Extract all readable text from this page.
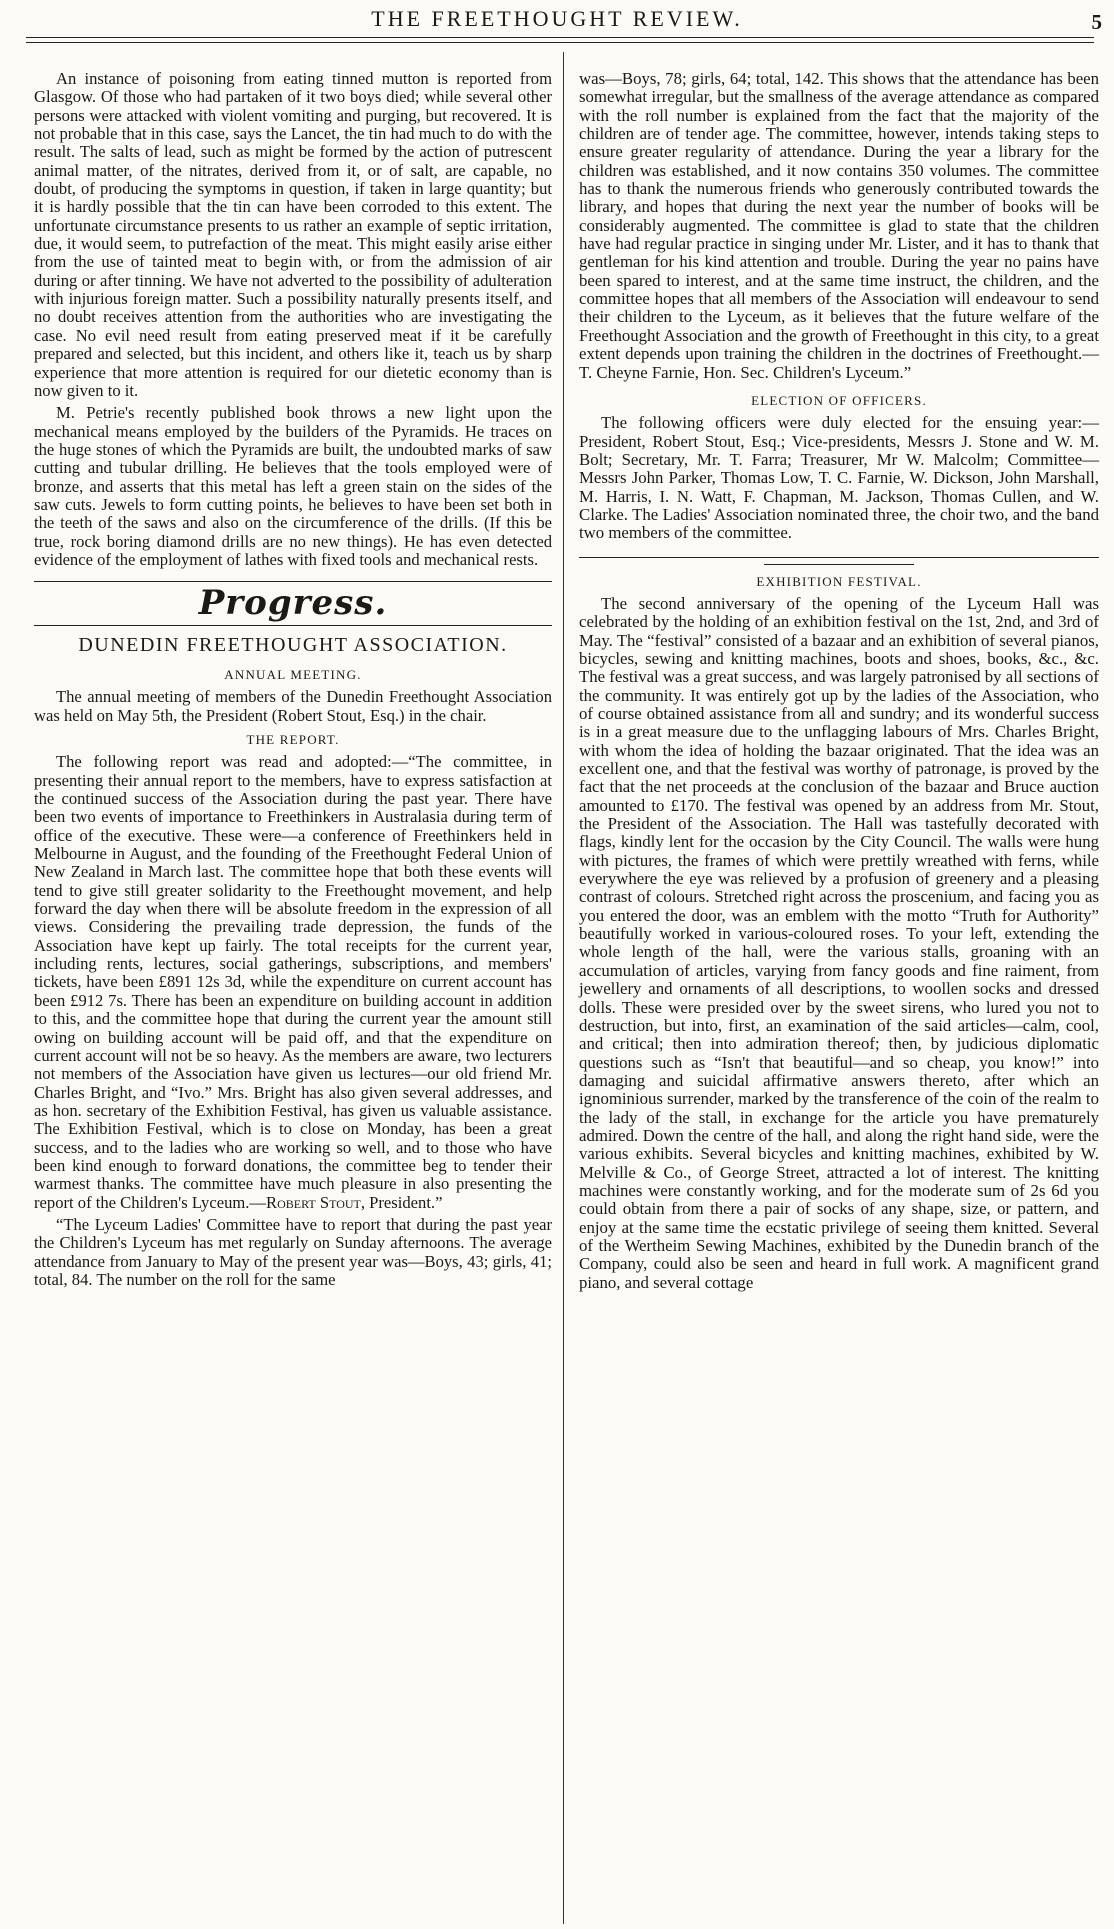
THE FREETHOUGHT REVIEW.	5

An instance of poisoning from eating tinned mutton is reported from Glasgow. Of those who had partaken of it two boys died; while several other persons were attacked with violent vomiting and purging, but recovered. It is not probable that in this case, says the Lancet, the tin had much to do with the result. The salts of lead, such as might be formed by the action of putrescent animal matter, of the nitrates, derived from it, or of salt, are capable, no doubt, of producing the symptoms in question, if taken in large quantity; but it is hardly possible that the tin can have been corroded to this extent. The unfortunate circumstance presents to us rather an example of septic irritation, due, it would seem, to putrefaction of the meat. This might easily arise either from the use of tainted meat to begin with, or from the admission of air during or after tinning. We have not adverted to the possibility of adulteration with injurious foreign matter. Such a possibility naturally presents itself, and no doubt receives attention from the authorities who are investigating the case. No evil need result from eating preserved meat if it be carefully prepared and selected, but this incident, and others like it, teach us by sharp experience that more attention is required for our dietetic economy than is now given to it.

M. Petrie's recently published book throws a new light upon the mechanical means employed by the builders of the Pyramids. He traces on the huge stones of which the Pyramids are built, the undoubted marks of saw cutting and tubular drilling. He believes that the tools employed were of bronze, and asserts that this metal has left a green stain on the sides of the saw cuts. Jewels to form cutting points, he believes to have been set both in the teeth of the saws and also on the circumference of the drills. (If this be true, rock boring diamond drills are no new things). He has even detected evidence of the employment of lathes with fixed tools and mechanical rests.

Progress.
DUNEDIN FREETHOUGHT ASSOCIATION.
ANNUAL MEETING.

The annual meeting of members of the Dunedin Freethought Association was held on May 5th, the President (Robert Stout, Esq.) in the chair.

THE REPORT.

The following report was read and adopted:—“The committee, in presenting their annual report to the members, have to express satisfaction at the continued success of the Association during the past year. There have been two events of importance to Freethinkers in Australasia during term of office of the executive. These were—a conference of Freethinkers held in Melbourne in August, and the founding of the Freethought Federal Union of New Zealand in March last. The committee hope that both these events will tend to give still greater solidarity to the Freethought movement, and help forward the day when there will be absolute freedom in the expression of all views. Considering the prevailing trade depression, the funds of the Association have kept up fairly. The total receipts for the current year, including rents, lectures, social gatherings, subscriptions, and members' tickets, have been £891 12s 3d, while the expenditure on current account has been £912 7s. There has been an expenditure on building account in addition to this, and the committee hope that during the current year the amount still owing on building account will be paid off, and that the expenditure on current account will not be so heavy. As the members are aware, two lecturers not members of the Association have given us lectures—our old friend Mr. Charles Bright, and “Ivo.” Mrs. Bright has also given several addresses, and as hon. secretary of the Exhibition Festival, has given us valuable assistance. The Exhibition Festival, which is to close on Monday, has been a great success, and to the ladies who are working so well, and to those who have been kind enough to forward donations, the committee beg to tender their warmest thanks. The committee have much pleasure in also presenting the report of the Children's Lyceum.—Robert Stout, President.”

“The Lyceum Ladies' Committee have to report that during the past year the Children's Lyceum has met regularly on Sunday afternoons. The average attendance from January to May of the present year was—Boys, 43; girls, 41; total, 84. The number on the roll for the same

was—Boys, 78; girls, 64; total, 142. This shows that the attendance has been somewhat irregular, but the smallness of the average attendance as compared with the roll number is explained from the fact that the majority of the children are of tender age. The committee, however, intends taking steps to ensure greater regularity of attendance. During the year a library for the children was established, and it now contains 350 volumes. The committee has to thank the numerous friends who generously contributed towards the library, and hopes that during the next year the number of books will be considerably augmented. The committee is glad to state that the children have had regular practice in singing under Mr. Lister, and it has to thank that gentleman for his kind attention and trouble. During the year no pains have been spared to interest, and at the same time instruct, the children, and the committee hopes that all members of the Association will endeavour to send their children to the Lyceum, as it believes that the future welfare of the Freethought Association and the growth of Freethought in this city, to a great extent depends upon training the children in the doctrines of Freethought.—T. Cheyne Farnie, Hon. Sec. Children's Lyceum.”

ELECTION OF OFFICERS.

The following officers were duly elected for the ensuing year:—President, Robert Stout, Esq.; Vice-presidents, Messrs J. Stone and W. M. Bolt; Secretary, Mr. T. Farra; Treasurer, Mr W. Malcolm; Committee—Messrs John Parker, Thomas Low, T. C. Farnie, W. Dickson, John Marshall, M. Harris, I. N. Watt, F. Chapman, M. Jackson, Thomas Cullen, and W. Clarke. The Ladies' Association nominated three, the choir two, and the band two members of the committee.

EXHIBITION FESTIVAL.

The second anniversary of the opening of the Lyceum Hall was celebrated by the holding of an exhibition festival on the 1st, 2nd, and 3rd of May. The “festival” consisted of a bazaar and an exhibition of several pianos, bicycles, sewing and knitting machines, boots and shoes, books, &c., &c. The festival was a great success, and was largely patronised by all sections of the community. It was entirely got up by the ladies of the Association, who of course obtained assistance from all and sundry; and its wonderful success is in a great measure due to the unflagging labours of Mrs. Charles Bright, with whom the idea of holding the bazaar originated. That the idea was an excellent one, and that the festival was worthy of patronage, is proved by the fact that the net proceeds at the conclusion of the bazaar and Bruce auction amounted to £170. The festival was opened by an address from Mr. Stout, the President of the Association. The Hall was tastefully decorated with flags, kindly lent for the occasion by the City Council. The walls were hung with pictures, the frames of which were prettily wreathed with ferns, while everywhere the eye was relieved by a profusion of greenery and a pleasing contrast of colours. Stretched right across the proscenium, and facing you as you entered the door, was an emblem with the motto “Truth for Authority” beautifully worked in various-coloured roses. To your left, extending the whole length of the hall, were the various stalls, groaning with an accumulation of articles, varying from fancy goods and fine raiment, from jewellery and ornaments of all descriptions, to woollen socks and dressed dolls. These were presided over by the sweet sirens, who lured you not to destruction, but into, first, an examination of the said articles—calm, cool, and critical; then into admiration thereof; then, by judicious diplomatic questions such as “Isn't that beautiful—and so cheap, you know!” into damaging and suicidal affirmative answers thereto, after which an ignominious surrender, marked by the transference of the coin of the realm to the lady of the stall, in exchange for the article you have prematurely admired. Down the centre of the hall, and along the right hand side, were the various exhibits. Several bicycles and knitting machines, exhibited by W. Melville & Co., of George Street, attracted a lot of interest. The knitting machines were constantly working, and for the moderate sum of 2s 6d you could obtain from there a pair of socks of any shape, size, or pattern, and enjoy at the same time the ecstatic privilege of seeing them knitted. Several of the Wertheim Sewing Machines, exhibited by the Dunedin branch of the Company, could also be seen and heard in full work. A magnificent grand piano, and several cottage
